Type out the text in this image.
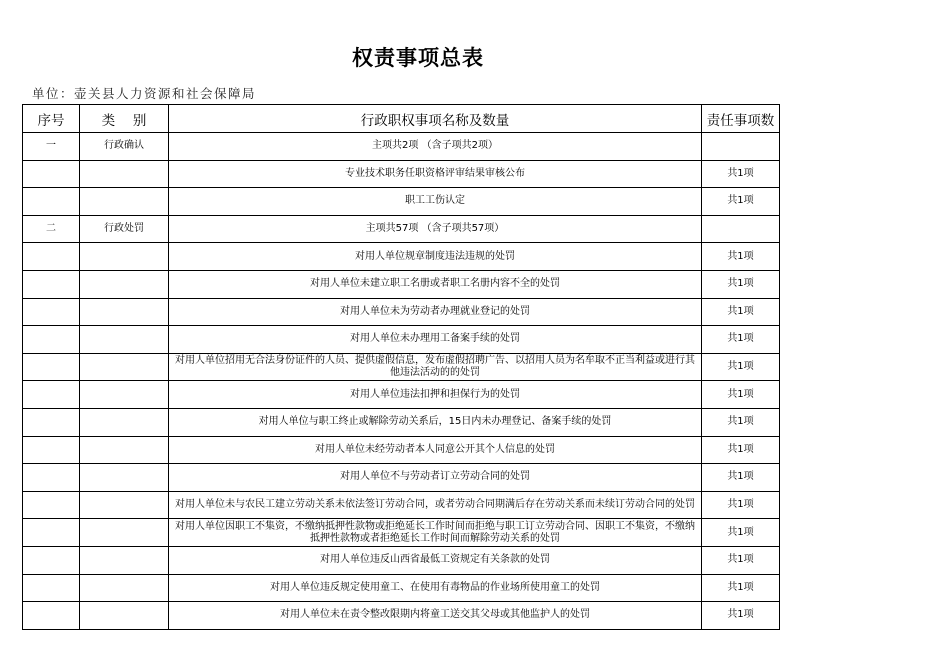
权责事项总表
单位：壶关县人力资源和社会保障局
序号	类　 别	行政职权事项名称及数量	责任事项数
一	行政确认	主项共2项 （含子项共2项）	
		专业技术职务任职资格评审结果审核公布	共1项
		职工工伤认定	共1项
二	行政处罚	主项共57项 （含子项共57项）	
		对用人单位规章制度违法违规的处罚	共1项
		对用人单位未建立职工名册或者职工名册内容不全的处罚	共1项
		对用人单位未为劳动者办理就业登记的处罚	共1项
		对用人单位未办理用工备案手续的处罚	共1项
		对用人单位招用无合法身份证件的人员、提供虚假信息，发布虚假招聘广告、以招用人员为名牟取不正当利益或进行其他违法活动的的处罚	共1项
		对用人单位违法扣押和担保行为的处罚	共1项
		对用人单位与职工终止或解除劳动关系后，15日内未办理登记、备案手续的处罚	共1项
		对用人单位未经劳动者本人同意公开其个人信息的处罚	共1项
		对用人单位不与劳动者订立劳动合同的处罚	共1项
		对用人单位未与农民工建立劳动关系未依法签订劳动合同，或者劳动合同期满后存在劳动关系而未续订劳动合同的处罚	共1项
		对用人单位因职工不集资，不缴纳抵押性款物或拒绝延长工作时间而拒绝与职工订立劳动合同、因职工不集资，不缴纳抵押性款物或者拒绝延长工作时间而解除劳动关系的处罚	共1项
		对用人单位违反山西省最低工资规定有关条款的处罚	共1项
		对用人单位违反规定使用童工、在使用有毒物品的作业场所使用童工的处罚	共1项
		对用人单位未在责令整改限期内将童工送交其父母或其他监护人的处罚	共1项
